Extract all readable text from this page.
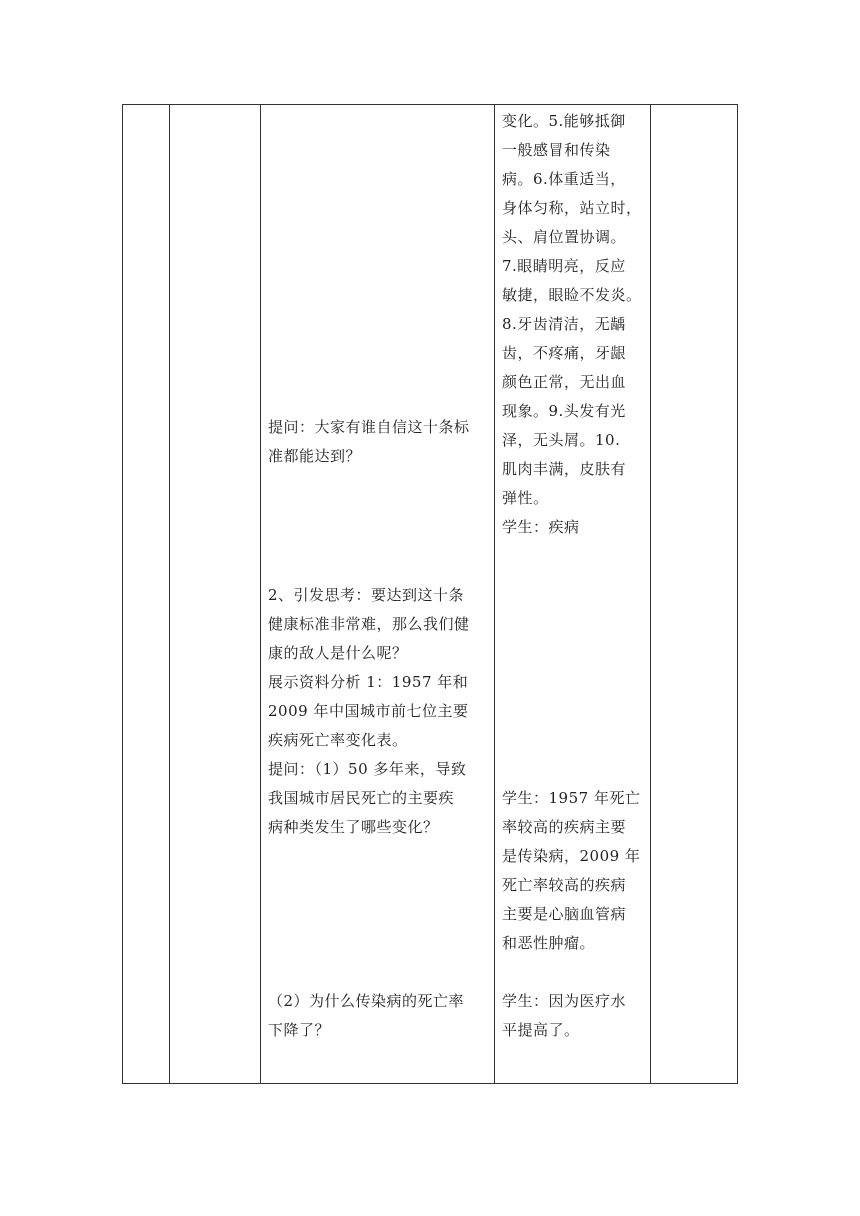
提问：大家有谁自信这十条标

准都能达到？

2、引发思考：要达到这十条

健康标准非常难，那么我们健

康的敌人是什么呢？

展示资料分析 1：1957 年和

2009 年中国城市前七位主要

疾病死亡率变化表。

提问：（1）50 多年来，导致

我国城市居民死亡的主要疾

病种类发生了哪些变化？

（2）为什么传染病的死亡率

下降了？

变化。5.能够抵御

一般感冒和传染

病。6.体重适当，

身体匀称，站立时，

头、肩位置协调。

7.眼睛明亮，反应

敏捷，眼睑不发炎。

8.牙齿清洁，无龋

齿，不疼痛，牙龈

颜色正常，无出血

现象。9.头发有光

泽，无头屑。10.

肌肉丰满，皮肤有

弹性。

学生：疾病

学生：1957 年死亡

率较高的疾病主要

是传染病，2009 年

死亡率较高的疾病

主要是心脑血管病

和恶性肿瘤。

学生：因为医疗水

平提高了。
